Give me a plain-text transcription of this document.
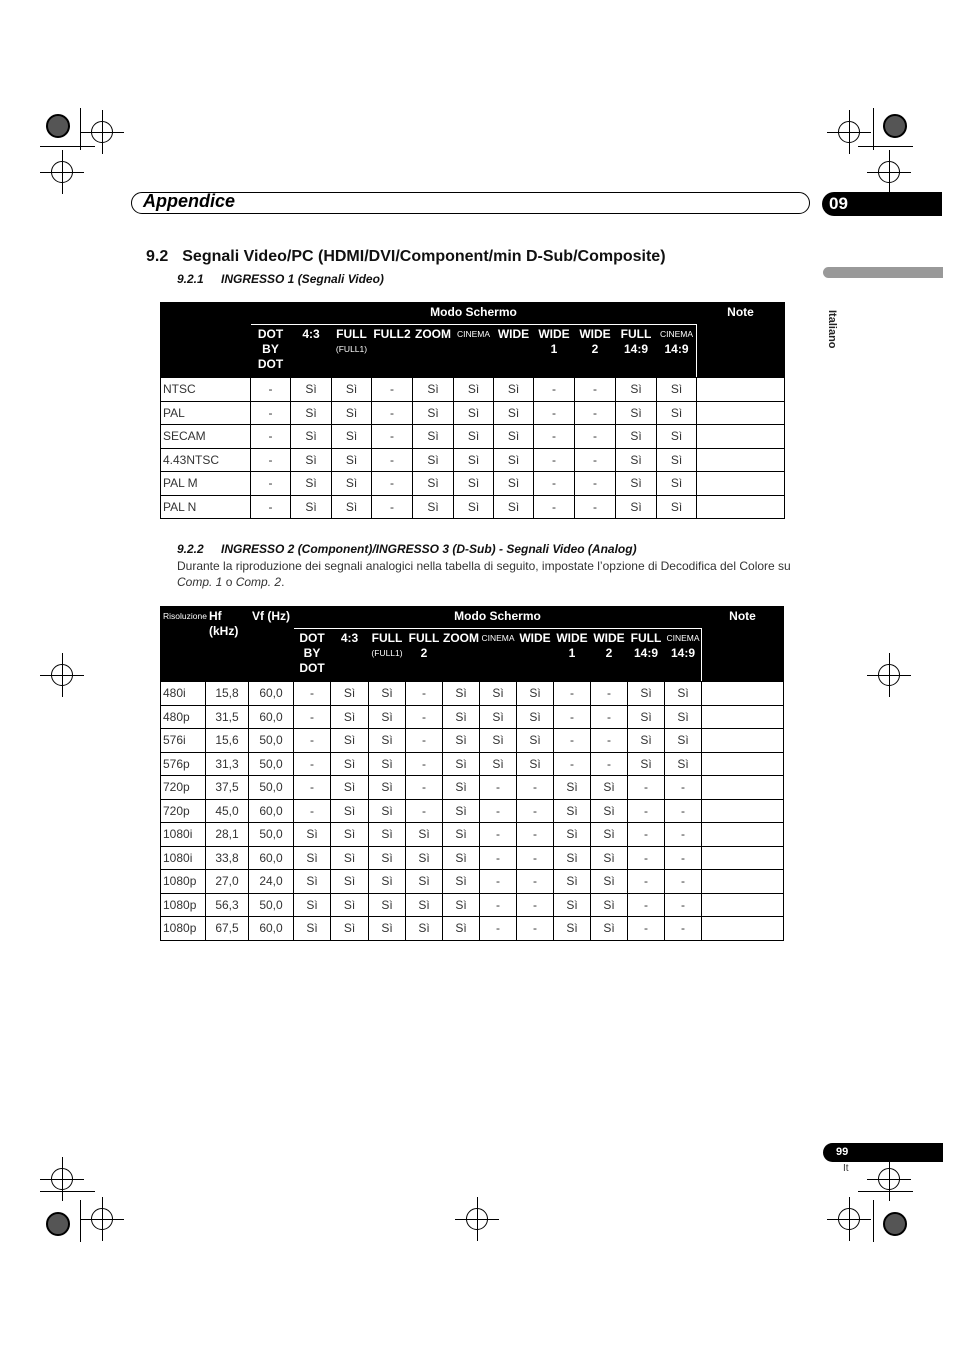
Appendice	09
Italiano
9.2 Segnali Video/PC (HDMI/DVI/Component/min D-Sub/Composite)
9.2.1 INGRESSO 1 (Segnali Video)
	Modo Schermo											Note
	DOT BY DOT	4:3	FULL
(FULL1)	FULL2	ZOOM	CINEMA	WIDE	WIDE 1	WIDE 2	FULL 14:9	CINEMA
14:9	
NTSC	-	Sì	Sì	-	Sì	Sì	Sì	-	-	Sì	Sì	
PAL	-	Sì	Sì	-	Sì	Sì	Sì	-	-	Sì	Sì	
SECAM	-	Sì	Sì	-	Sì	Sì	Sì	-	-	Sì	Sì	
4.43NTSC	-	Sì	Sì	-	Sì	Sì	Sì	-	-	Sì	Sì	
PAL M	-	Sì	Sì	-	Sì	Sì	Sì	-	-	Sì	Sì	
PAL N	-	Sì	Sì	-	Sì	Sì	Sì	-	-	Sì	Sì	
9.2.2 INGRESSO 2 (Component)/INGRESSO 3 (D-Sub) - Segnali Video (Analog)
Durante la riproduzione dei segnali analogici nella tabella di seguito, impostate l’opzione di Decodifica del Colore su Comp. 1 o Comp. 2.
Risoluzione	Hf (kHz)	Vf (Hz)	Modo Schermo											Note
			DOT BY DOT	4:3	FULL
(FULL1)	FULL 2	ZOOM	CINEMA	WIDE	WIDE 1	WIDE 2	FULL 14:9	CINEMA
14:9	
480i	15,8	60,0	-	Sì	Sì	-	Sì	Sì	Sì	-	-	Sì	Sì	
480p	31,5	60,0	-	Sì	Sì	-	Sì	Sì	Sì	-	-	Sì	Sì	
576i	15,6	50,0	-	Sì	Sì	-	Sì	Sì	Sì	-	-	Sì	Sì	
576p	31,3	50,0	-	Sì	Sì	-	Sì	Sì	Sì	-	-	Sì	Sì	
720p	37,5	50,0	-	Sì	Sì	-	Sì	-	-	Sì	Sì	-	-	
720p	45,0	60,0	-	Sì	Sì	-	Sì	-	-	Sì	Sì	-	-	
1080i	28,1	50,0	Sì	Sì	Sì	Sì	Sì	-	-	Sì	Sì	-	-	
1080i	33,8	60,0	Sì	Sì	Sì	Sì	Sì	-	-	Sì	Sì	-	-	
1080p	27,0	24,0	Sì	Sì	Sì	Sì	Sì	-	-	Sì	Sì	-	-	
1080p	56,3	50,0	Sì	Sì	Sì	Sì	Sì	-	-	Sì	Sì	-	-	
1080p	67,5	60,0	Sì	Sì	Sì	Sì	Sì	-	-	Sì	Sì	-	-	
99
It
